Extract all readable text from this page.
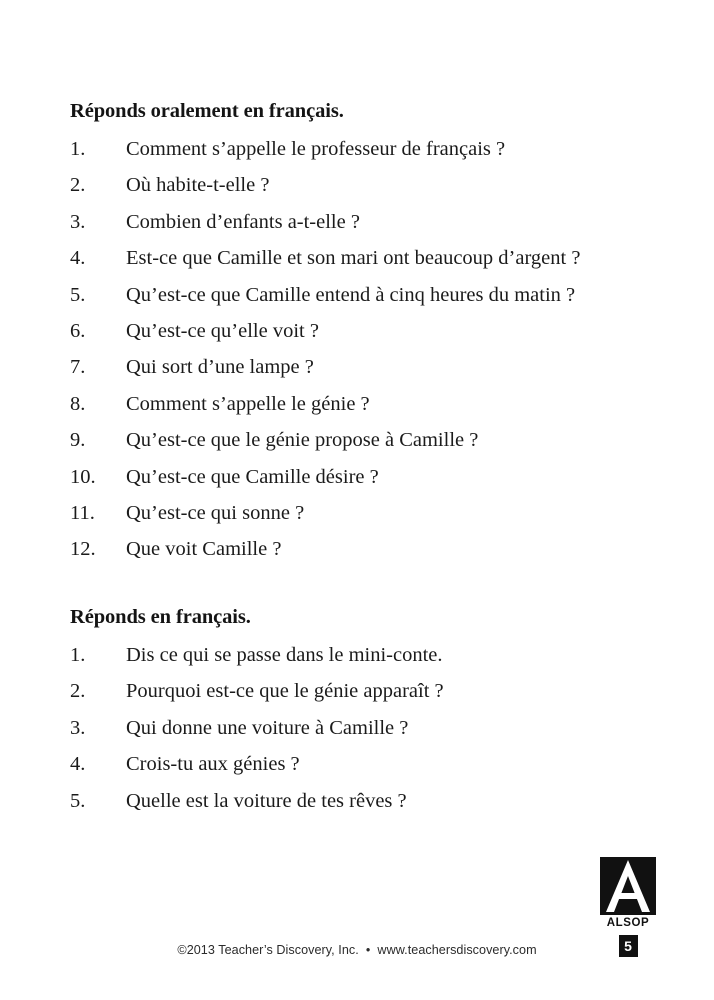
Réponds oralement en français.
1.	Comment s’appelle le professeur de français ?
2.	Où habite-t-elle ?
3.	Combien d’enfants a-t-elle ?
4.	Est-ce que Camille et son mari ont beaucoup d’argent ?
5.	Qu’est-ce que Camille entend à cinq heures du matin ?
6.	Qu’est-ce qu’elle voit ?
7.	Qui sort d’une lampe ?
8.	Comment s’appelle le génie ?
9.	Qu’est-ce que le génie propose à Camille ?
10.	Qu’est-ce que Camille désire ?
11.	Qu’est-ce qui sonne ?
12.	Que voit Camille ?
Réponds en français.
1.	Dis ce qui se passe dans le mini-conte.
2.	Pourquoi est-ce que le génie apparaît ?
3.	Qui donne une voiture à Camille ?
4.	Crois-tu aux génies ?
5.	Quelle est la voiture de tes rêves ?
ALSOP
5
©2013 Teacher’s Discovery, Inc.  •  www.teachersdiscovery.com
